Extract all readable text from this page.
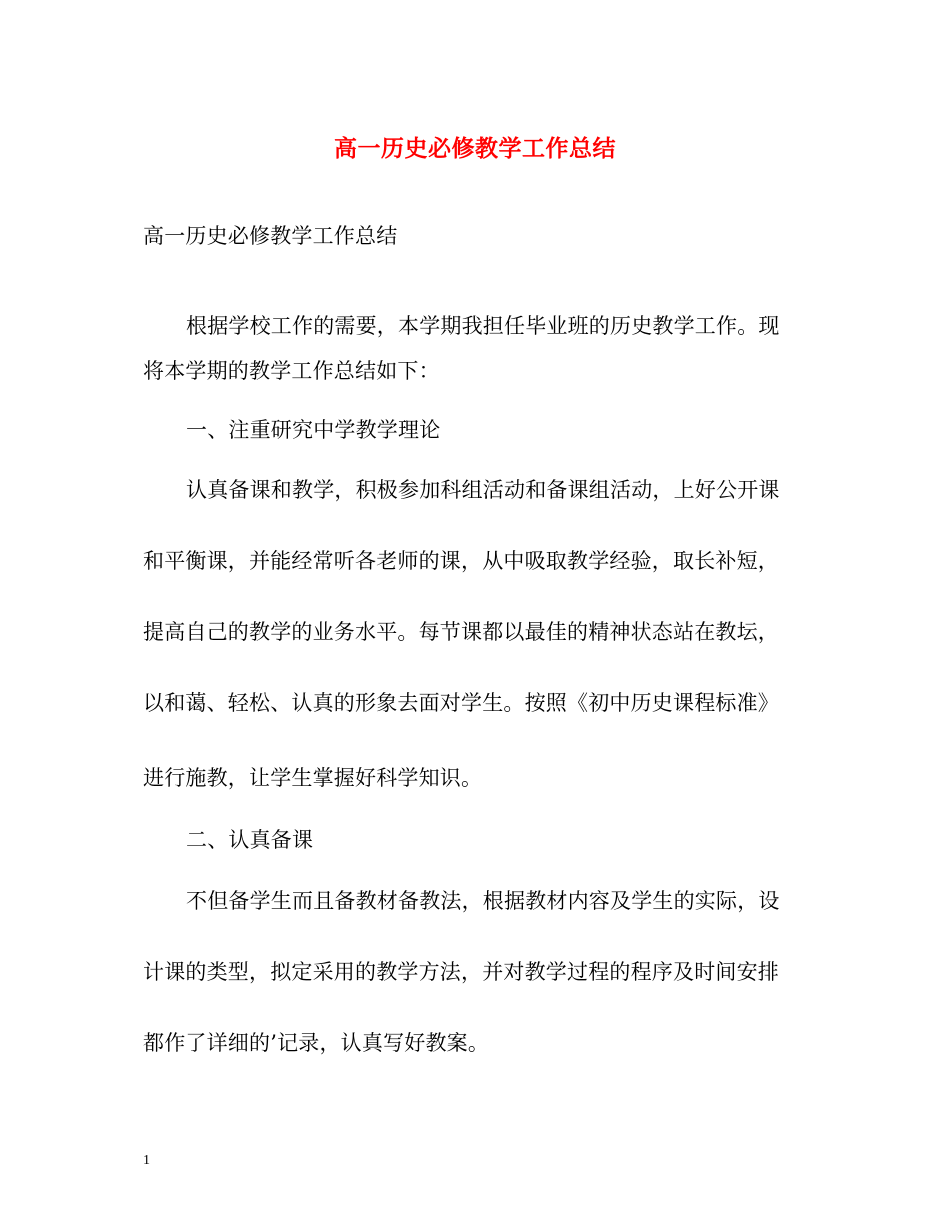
高一历史必修教学工作总结
高一历史必修教学工作总结
根据学校工作的需要，本学期我担任毕业班的历史教学工作。现
将本学期的教学工作总结如下：
一、注重研究中学教学理论
认真备课和教学，积极参加科组活动和备课组活动，上好公开课
和平衡课，并能经常听各老师的课，从中吸取教学经验，取长补短，
提高自己的教学的业务水平。每节课都以最佳的精神状态站在教坛，
以和蔼、轻松、认真的形象去面对学生。按照《初中历史课程标准》
进行施教，让学生掌握好科学知识。
二、认真备课
不但备学生而且备教材备教法，根据教材内容及学生的实际，设
计课的类型，拟定采用的教学方法，并对教学过程的程序及时间安排
都作了详细的’记录，认真写好教案。
1
